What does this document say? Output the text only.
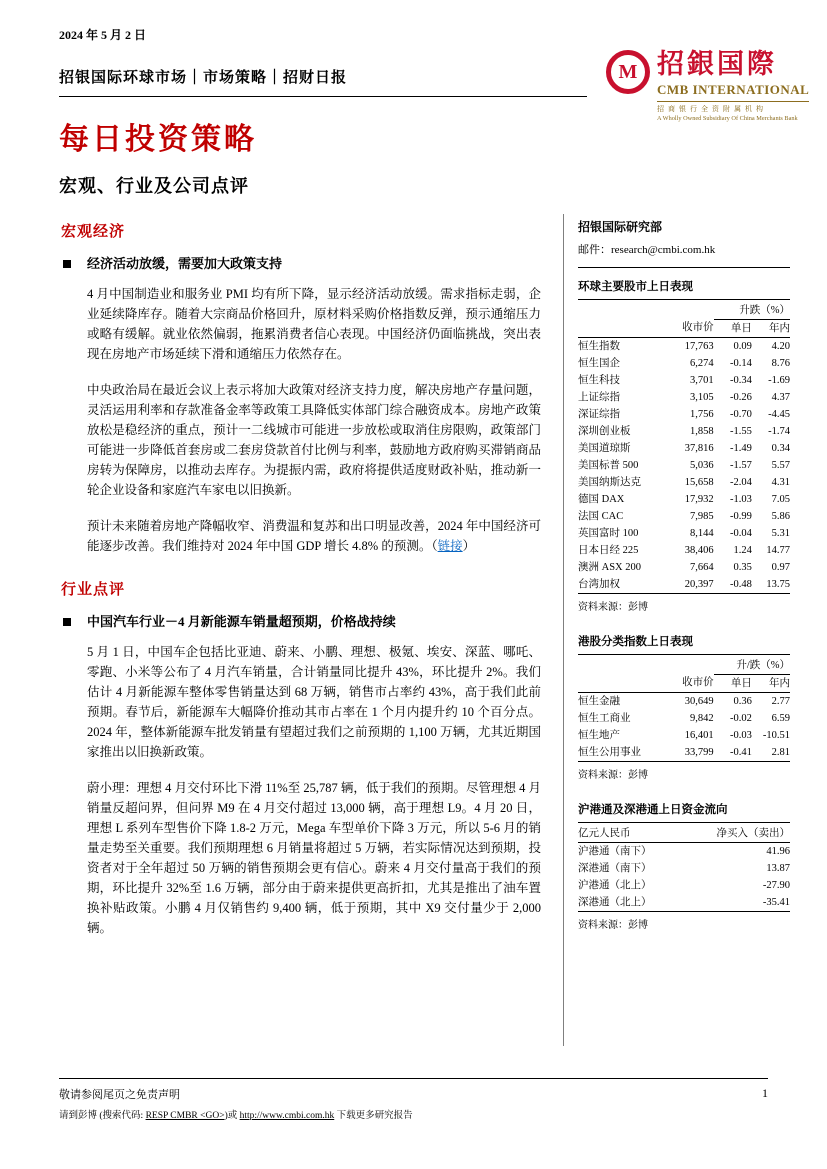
2024 年 5 月 2 日
招银国际环球市场｜市场策略｜招财日报	M 招銀国際
CMB INTERNATIONAL
招商银行全资附属机构
A Wholly Owned Subsidiary Of China Merchants Bank
每日投资策略
宏观、行业及公司点评
宏观经济
经济活动放缓，需要加大政策支持

4 月中国制造业和服务业 PMI 均有所下降，显示经济活动放缓。需求指标走弱，企业延续降库存。随着大宗商品价格回升，原材料采购价格指数反弹，预示通缩压力或略有缓解。就业依然偏弱，拖累消费者信心表现。中国经济仍面临挑战，突出表现在房地产市场延续下滑和通缩压力依然存在。

中央政治局在最近会议上表示将加大政策对经济支持力度，解决房地产存量问题，灵活运用利率和存款准备金率等政策工具降低实体部门综合融资成本。房地产政策放松是稳经济的重点，预计一二线城市可能进一步放松或取消住房限购，政策部门可能进一步降低首套房或二套房贷款首付比例与利率，鼓励地方政府购买滞销商品房转为保障房，以推动去库存。为提振内需，政府将提供适度财政补贴，推动新一轮企业设备和家庭汽车家电以旧换新。

预计未来随着房地产降幅收窄、消费温和复苏和出口明显改善，2024 年中国经济可能逐步改善。我们维持对 2024 年中国 GDP 增长 4.8% 的预测。（链接）

行业点评
中国汽车行业－4 月新能源车销量超预期，价格战持续

5 月 1 日，中国车企包括比亚迪、蔚来、小鹏、理想、极氪、埃安、深蓝、哪吒、零跑、小米等公布了 4 月汽车销量，合计销量同比提升 43%，环比提升 2%。我们估计 4 月新能源车整体零售销量达到 68 万辆，销售市占率约 43%，高于我们此前预期。春节后，新能源车大幅降价推动其市占率在 1 个月内提升约 10 个百分点。2024 年，整体新能源车批发销量有望超过我们之前预期的 1,100 万辆，尤其近期国家推出以旧换新政策。

蔚小理：理想 4 月交付环比下滑 11%至 25,787 辆，低于我们的预期。尽管理想 4 月销量反超问界，但问界 M9 在 4 月交付超过 13,000 辆，高于理想 L9。4 月 20 日，理想 L 系列车型售价下降 1.8-2 万元，Mega 车型单价下降 3 万元，所以 5-6 月的销量走势至关重要。我们预期理想 6 月销量将超过 5 万辆，若实际情况达到预期，投资者对于全年超过 50 万辆的销售预期会更有信心。蔚来 4 月交付量高于我们的预期，环比提升 32%至 1.6 万辆，部分由于蔚来提供更高折扣，尤其是推出了油车置换补贴政策。小鹏 4 月仅销售约 9,400 辆，低于预期，其中 X9 交付量少于 2,000 辆。

招银国际研究部
邮件：research@cmbi.com.hk
环球主要股市上日表现
		升跌（%）	
	收市价	单日	年内
恒生指数	17,763	0.09	4.20
恒生国企	6,274	-0.14	8.76
恒生科技	3,701	-0.34	-1.69
上证综指	3,105	-0.26	4.37
深证综指	1,756	-0.70	-4.45
深圳创业板	1,858	-1.55	-1.74
美国道琼斯	37,816	-1.49	0.34
美国标普 500	5,036	-1.57	5.57
美国纳斯达克	15,658	-2.04	4.31
德国 DAX	17,932	-1.03	7.05
法国 CAC	7,985	-0.99	5.86
英国富时 100	8,144	-0.04	5.31
日本日经 225	38,406	1.24	14.77
澳洲 ASX 200	7,664	0.35	0.97
台湾加权	20,397	-0.48	13.75
资料来源：彭博
港股分类指数上日表现
		升/跌（%）	
	收市价	单日	年内
恒生金融	30,649	0.36	2.77
恒生工商业	9,842	-0.02	6.59
恒生地产	16,401	-0.03	-10.51
恒生公用事业	33,799	-0.41	2.81
资料来源：彭博
沪港通及深港通上日资金流向
亿元人民币	净买入（卖出）
沪港通（南下）	41.96
深港通（南下）	13.87
沪港通（北上）	-27.90
深港通（北上）	-35.41
资料来源：彭博
敬请参阅尾页之免责声明	1
请到彭博 (搜索代码: RESP CMBR <GO>)或 http://www.cmbi.com.hk 下载更多研究报告
